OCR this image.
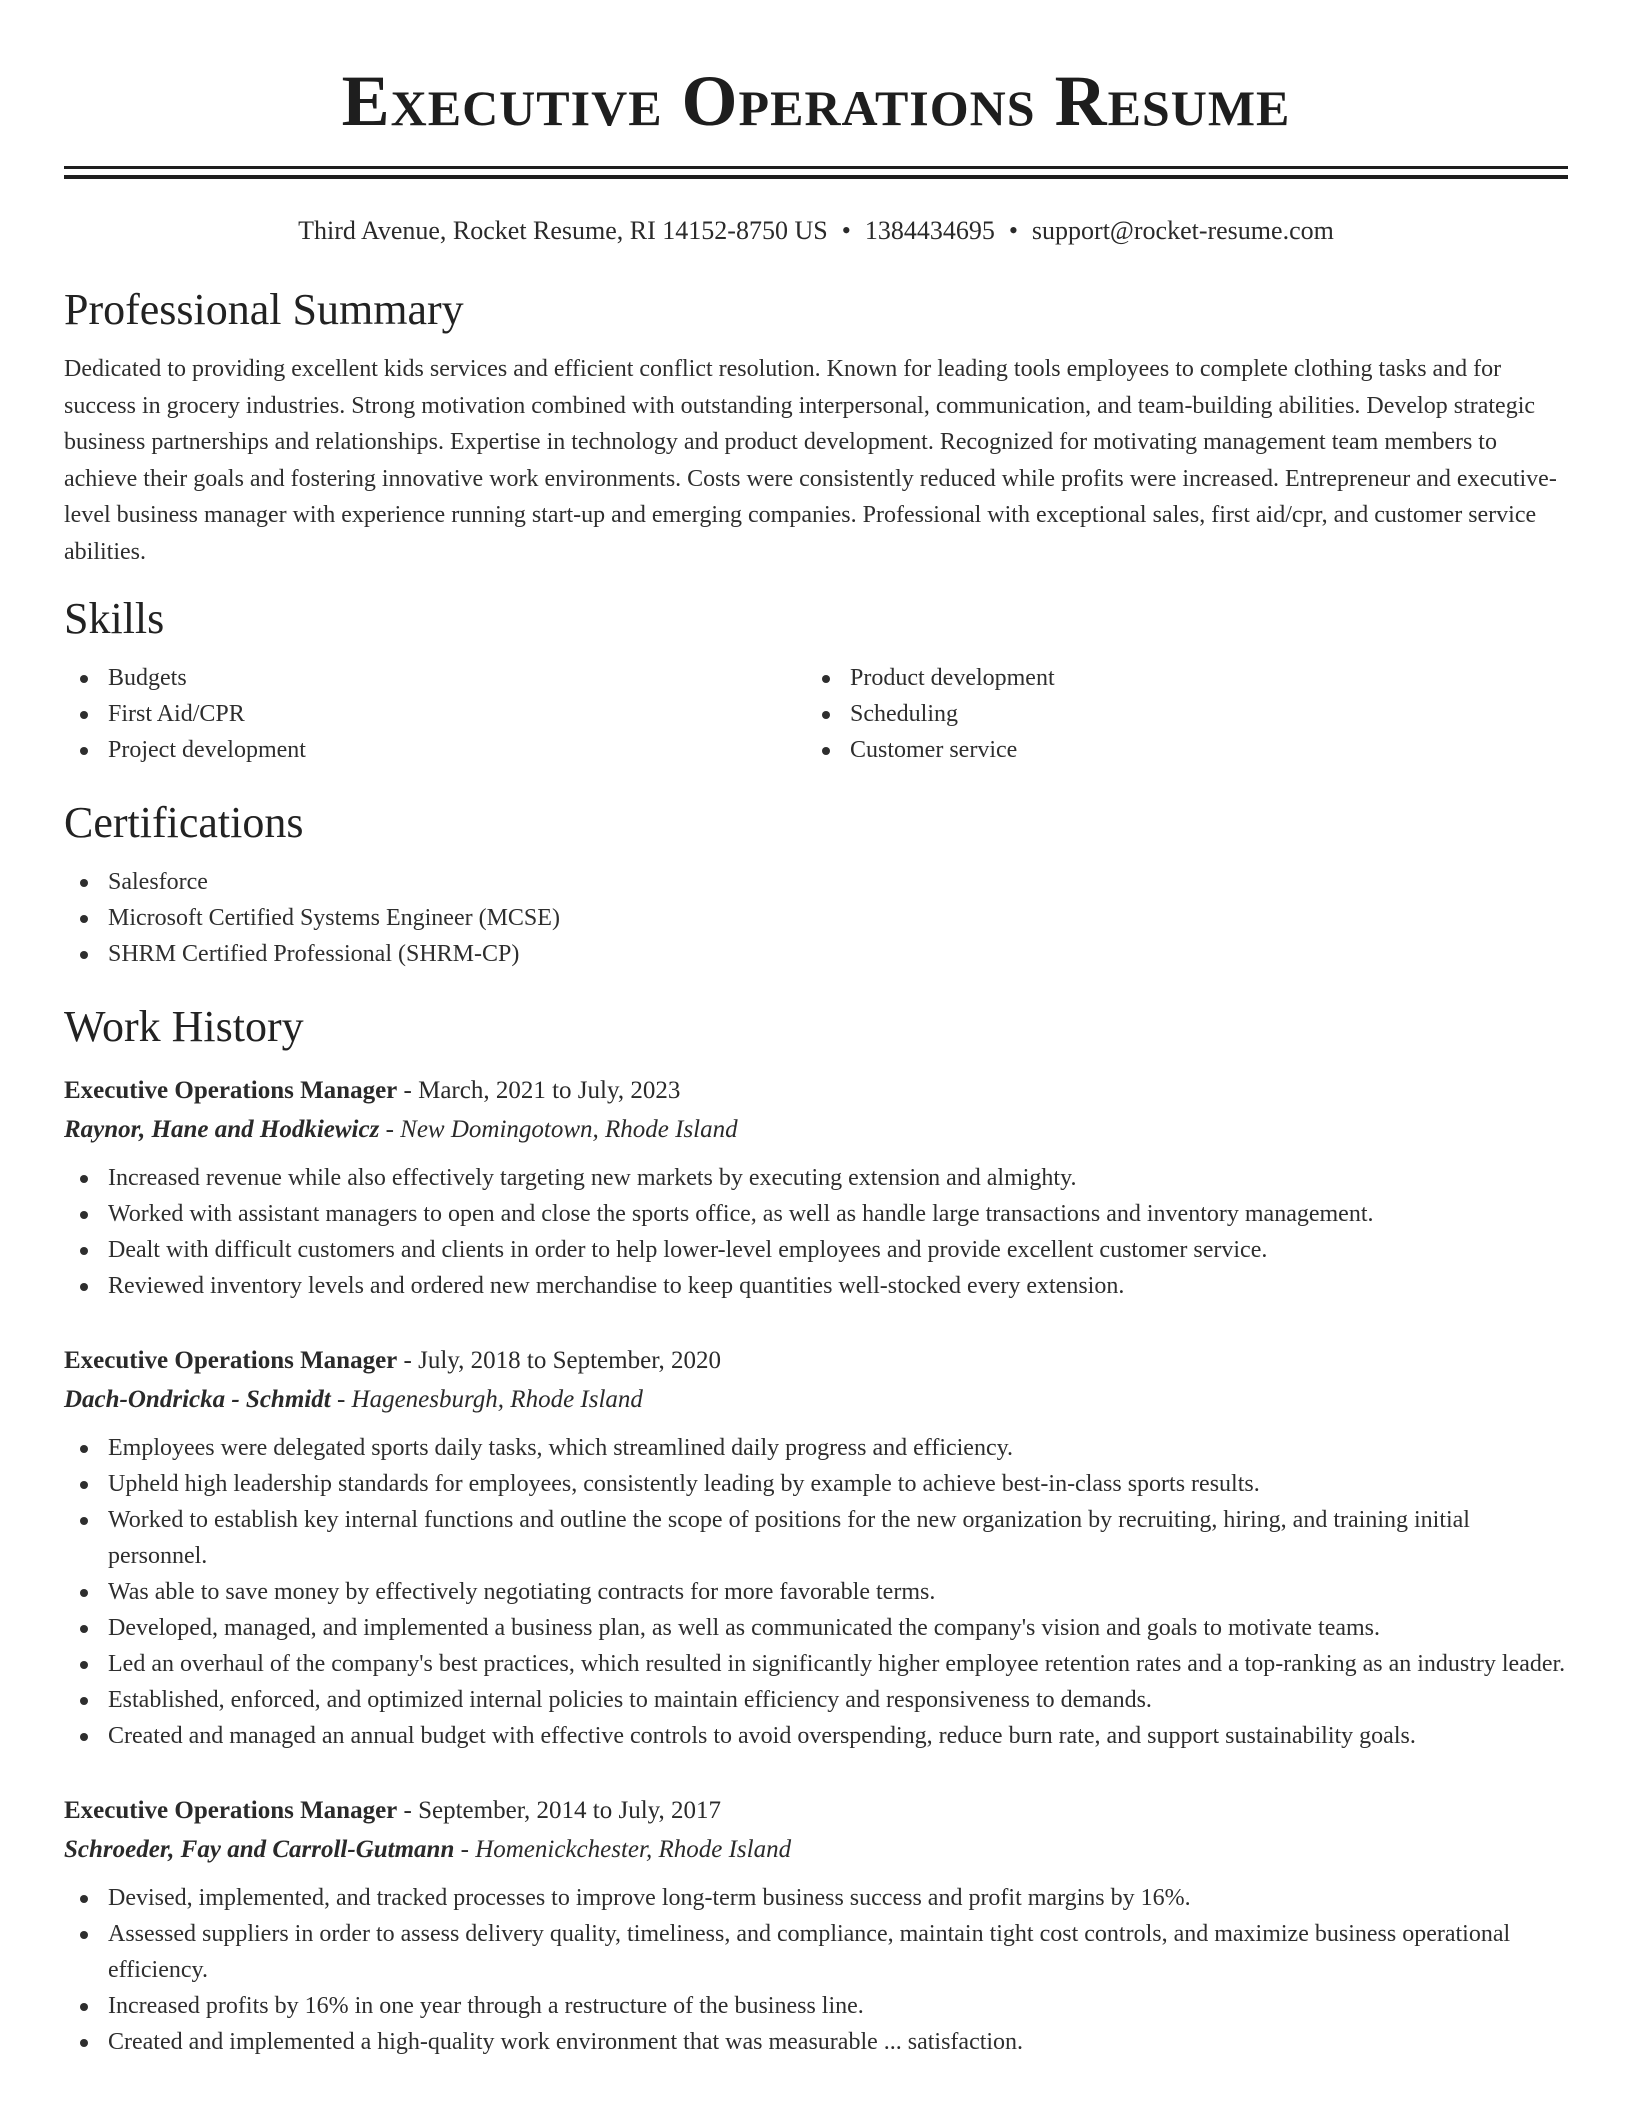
Executive Operations Resume
Third Avenue, Rocket Resume, RI 14152-8750 US • 1384434695 • support@rocket-resume.com
Professional Summary

Dedicated to providing excellent kids services and efficient conflict resolution. Known for leading tools employees to complete clothing tasks and for success in grocery industries. Strong motivation combined with outstanding interpersonal, communication, and team-building abilities. Develop strategic business partnerships and relationships. Expertise in technology and product development. Recognized for motivating management team members to achieve their goals and fostering innovative work environments. Costs were consistently reduced while profits were increased. Entrepreneur and executive-level business manager with experience running start-up and emerging companies. Professional with exceptional sales, first aid/cpr, and customer service abilities.

Skills
Budgets
First Aid/CPR
Project development
Product development
Scheduling
Customer service
Certifications
Salesforce
Microsoft Certified Systems Engineer (MCSE)
SHRM Certified Professional (SHRM-CP)
Work History
Executive Operations Manager - March, 2021 to July, 2023
Raynor, Hane and Hodkiewicz - New Domingotown, Rhode Island
Increased revenue while also effectively targeting new markets by executing extension and almighty.
Worked with assistant managers to open and close the sports office, as well as handle large transactions and inventory management.
Dealt with difficult customers and clients in order to help lower-level employees and provide excellent customer service.
Reviewed inventory levels and ordered new merchandise to keep quantities well-stocked every extension.
Executive Operations Manager - July, 2018 to September, 2020
Dach-Ondricka - Schmidt - Hagenesburgh, Rhode Island
Employees were delegated sports daily tasks, which streamlined daily progress and efficiency.
Upheld high leadership standards for employees, consistently leading by example to achieve best-in-class sports results.
Worked to establish key internal functions and outline the scope of positions for the new organization by recruiting, hiring, and training initial personnel.
Was able to save money by effectively negotiating contracts for more favorable terms.
Developed, managed, and implemented a business plan, as well as communicated the company's vision and goals to motivate teams.
Led an overhaul of the company's best practices, which resulted in significantly higher employee retention rates and a top-ranking as an industry leader.
Established, enforced, and optimized internal policies to maintain efficiency and responsiveness to demands.
Created and managed an annual budget with effective controls to avoid overspending, reduce burn rate, and support sustainability goals.
Executive Operations Manager - September, 2014 to July, 2017
Schroeder, Fay and Carroll-Gutmann - Homenickchester, Rhode Island
Devised, implemented, and tracked processes to improve long-term business success and profit margins by 16%.
Assessed suppliers in order to assess delivery quality, timeliness, and compliance, maintain tight cost controls, and maximize business operational efficiency.
Increased profits by 16% in one year through a restructure of the business line.
Created and implemented a high-quality work environment that was measurable ... satisfaction.
